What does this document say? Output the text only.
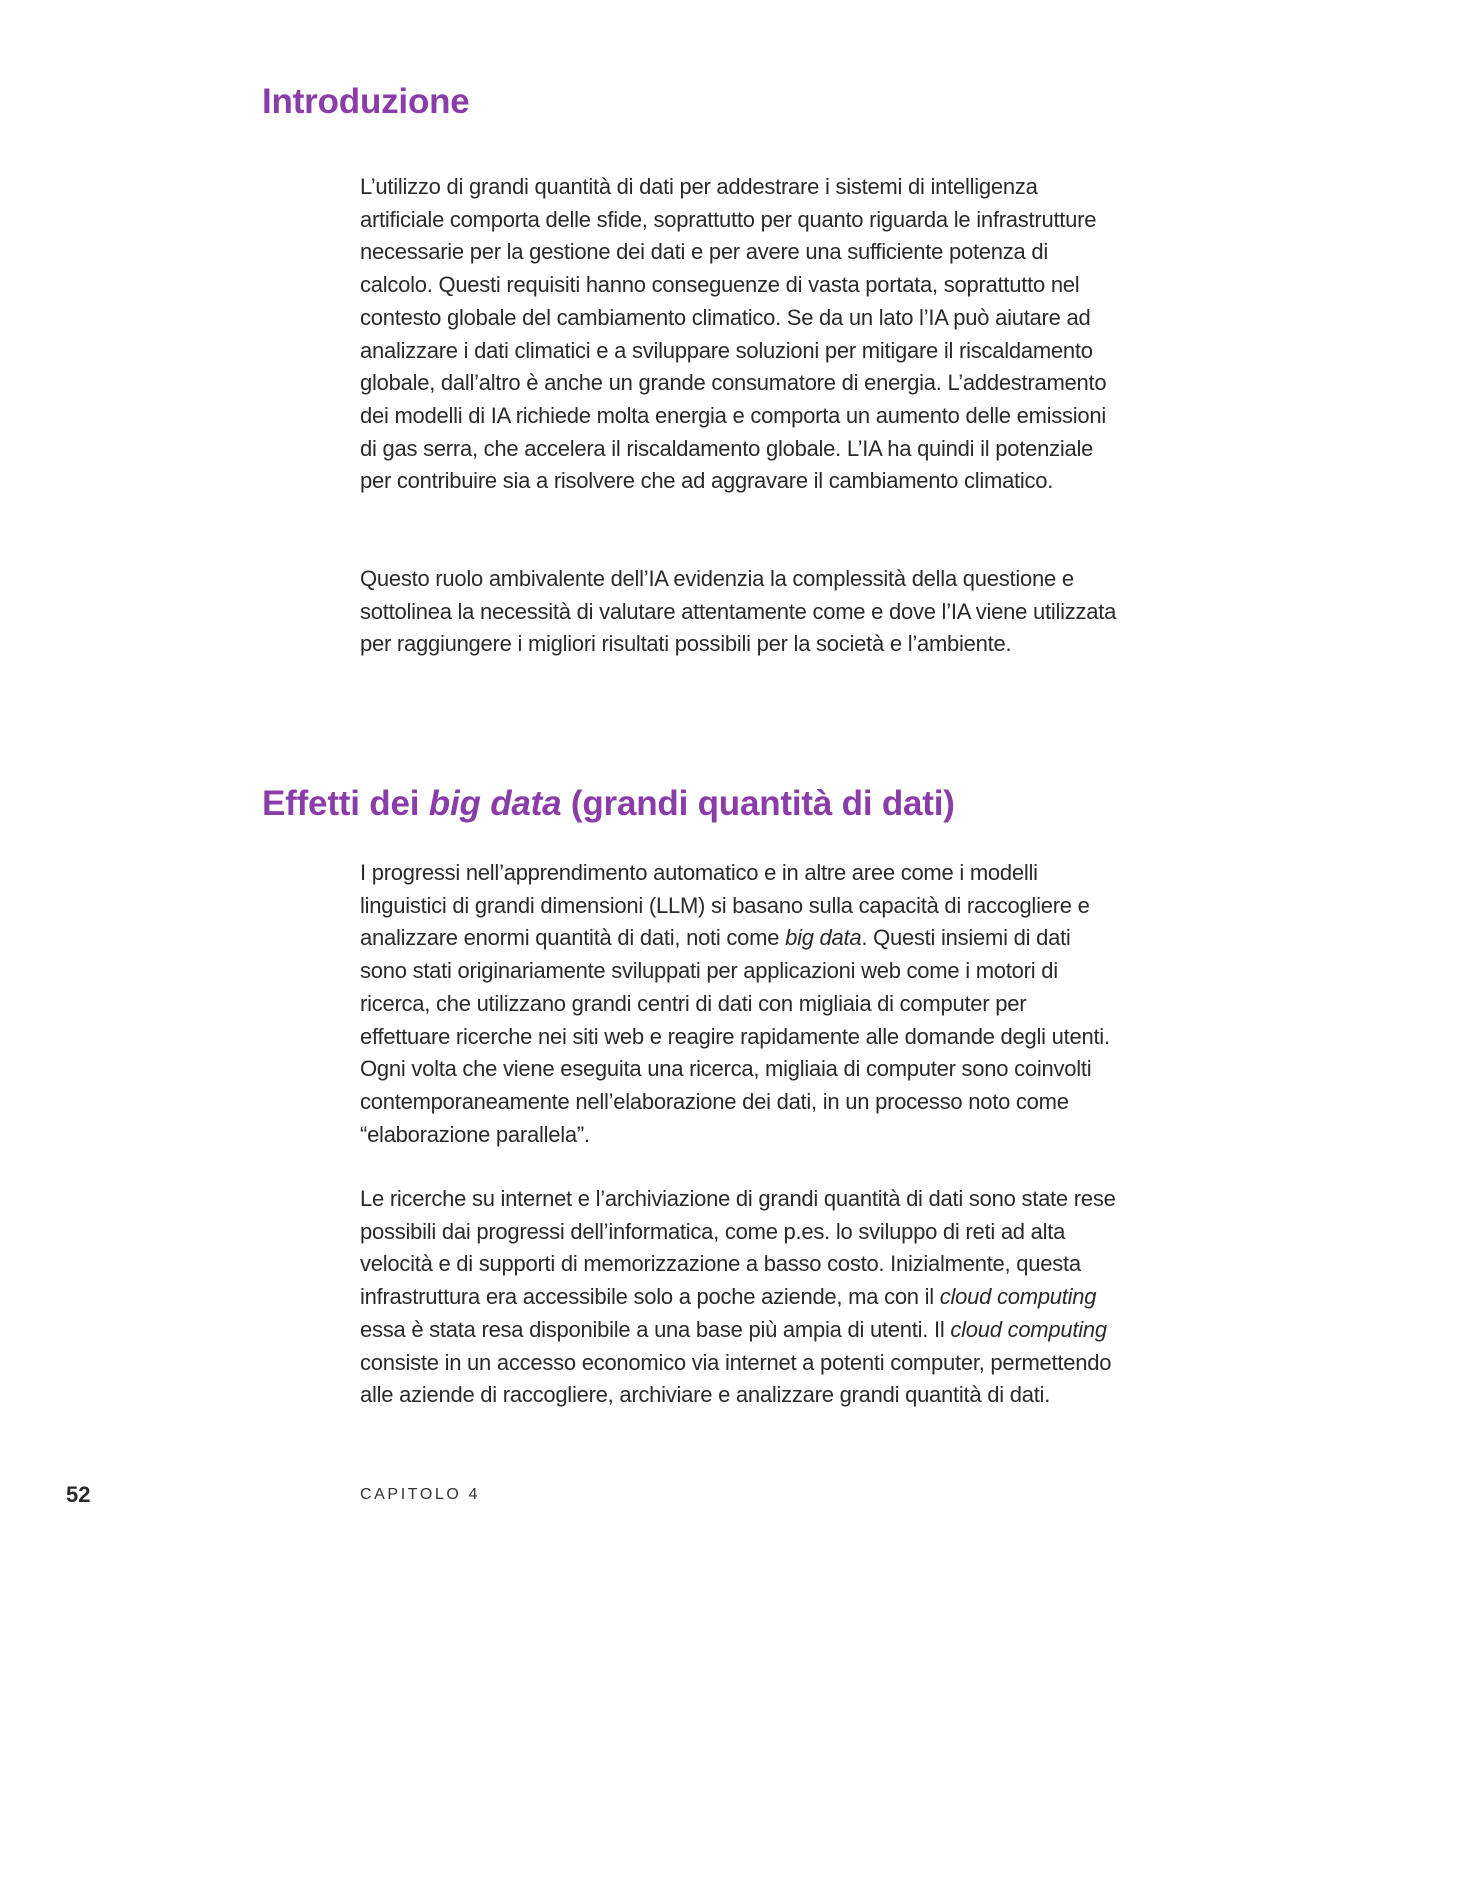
Introduzione

L’utilizzo di grandi quantità di dati per addestrare i sistemi di intelligenza artificiale comporta delle sfide, soprattutto per quanto riguarda le infrastrutture necessarie per la gestione dei dati e per avere una sufficiente potenza di calcolo. Questi requisiti hanno conseguenze di vasta portata, soprattutto nel contesto globale del cambiamento climatico. Se da un lato l’IA può aiutare ad analizzare i dati climatici e a sviluppare soluzioni per mitigare il riscaldamento globale, dall’altro è anche un grande consumatore di energia. L’addestramento dei modelli di IA richiede molta energia e comporta un aumento delle emissioni di gas serra, che accelera il riscaldamento globale. L’IA ha quindi il potenziale per contribuire sia a risolvere che ad aggravare il cambiamento climatico.

Questo ruolo ambivalente dell’IA evidenzia la complessità della questione e sottolinea la necessità di valutare attentamente come e dove l’IA viene utilizzata per raggiungere i migliori risultati possibili per la società e l’ambiente.

Effetti dei big data (grandi quantità di dati)

I progressi nell’apprendimento automatico e in altre aree come i modelli linguistici di grandi dimensioni (LLM) si basano sulla capacità di raccogliere e analizzare enormi quantità di dati, noti come big data. Questi insiemi di dati sono stati originariamente sviluppati per applicazioni web come i motori di ricerca, che utilizzano grandi centri di dati con migliaia di computer per effettuare ricerche nei siti web e reagire rapidamente alle domande degli utenti. Ogni volta che viene eseguita una ricerca, migliaia di computer sono coinvolti contemporaneamente nell’elaborazione dei dati, in un processo noto come “elaborazione parallela”.

Le ricerche su internet e l’archiviazione di grandi quantità di dati sono state rese possibili dai progressi dell’informatica, come p.es. lo sviluppo di reti ad alta velocità e di supporti di memorizzazione a basso costo. Inizialmente, questa infrastruttura era accessibile solo a poche aziende, ma con il cloud computing essa è stata resa disponibile a una base più ampia di utenti. Il cloud computing consiste in un accesso economico via internet a potenti computer, permettendo alle aziende di raccogliere, archiviare e analizzare grandi quantità di dati.

52	CAPITOLO 4
